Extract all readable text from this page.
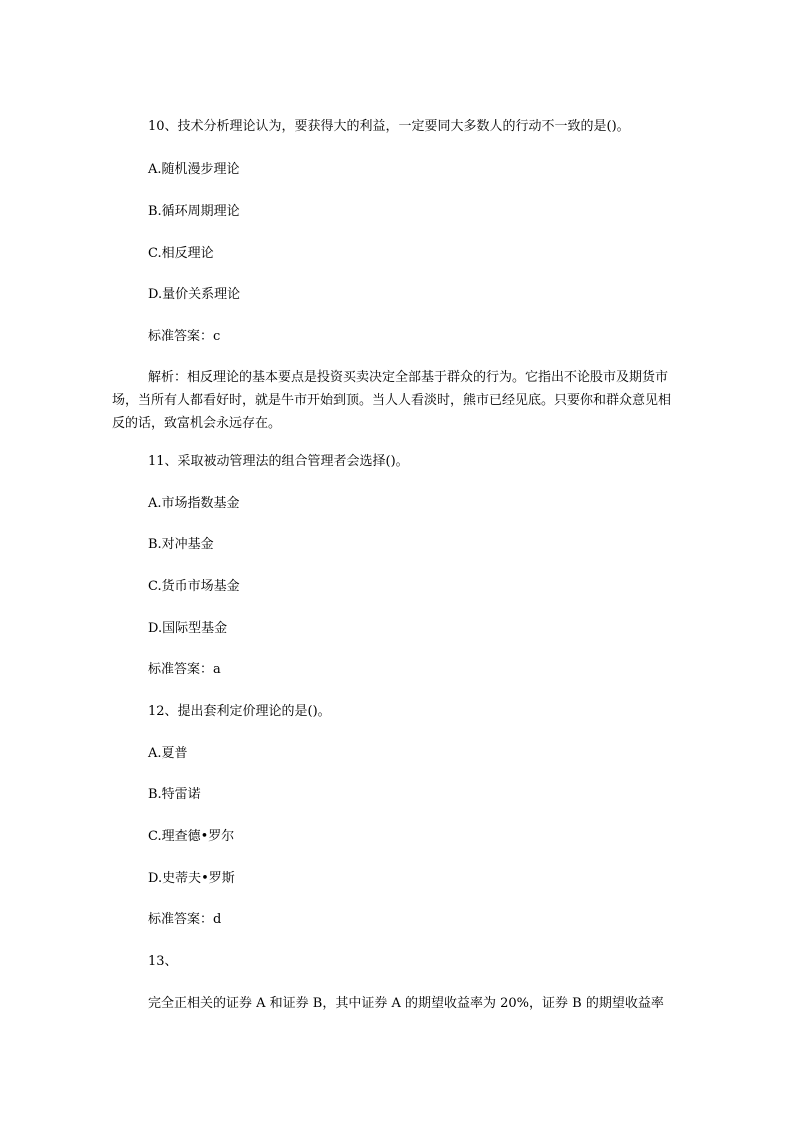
10、技术分析理论认为，要获得大的利益，一定要同大多数人的行动不一致的是()。

A.随机漫步理论

B.循环周期理论

C.相反理论

D.量价关系理论

标准答案：c

解析：相反理论的基本要点是投资买卖决定全部基于群众的行为。它指出不论股市及期货市场，当所有人都看好时，就是牛市开始到顶。当人人看淡时，熊市已经见底。只要你和群众意见相反的话，致富机会永远存在。

11、采取被动管理法的组合管理者会选择()。

A.市场指数基金

B.对冲基金

C.货币市场基金

D.国际型基金

标准答案：a

12、提出套利定价理论的是()。

A.夏普

B.特雷诺

C.理查德•罗尔

D.史蒂夫•罗斯

标准答案：d

13、

完全正相关的证券 A 和证券 B，其中证券 A 的期望收益率为 20%，证券 B 的期望收益率
